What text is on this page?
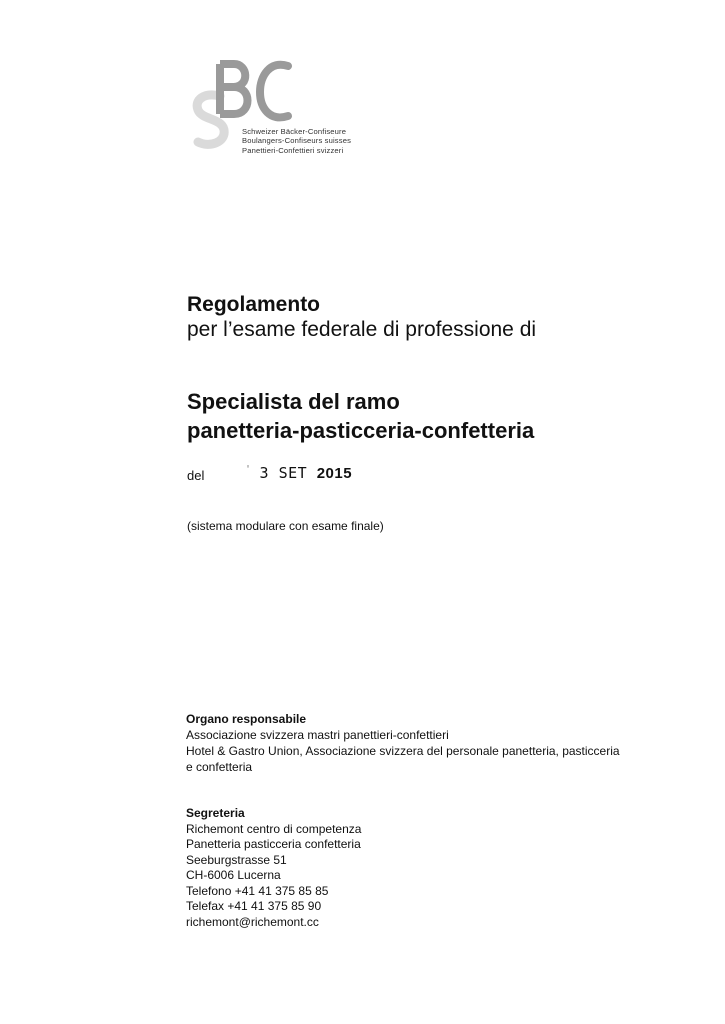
Schweizer Bäcker-Confiseure
Boulangers-Confiseurs suisses
Panettieri-Confettieri svizzeri
Regolamento
per l’esame federale di professione di
Specialista del ramo
panetteria-pasticceria-confetteria
del	' 3 SET 2015
(sistema modulare con esame finale)
Organo responsabile
Associazione svizzera mastri panettieri-confettieri
Hotel & Gastro Union, Associazione svizzera del personale panetteria, pasticceria
e confetteria
Segreteria
Richemont centro di competenza
Panetteria pasticceria confetteria
Seeburgstrasse 51
CH-6006 Lucerna
Telefono +41 41 375 85 85
Telefax +41 41 375 85 90
richemont@richemont.cc
